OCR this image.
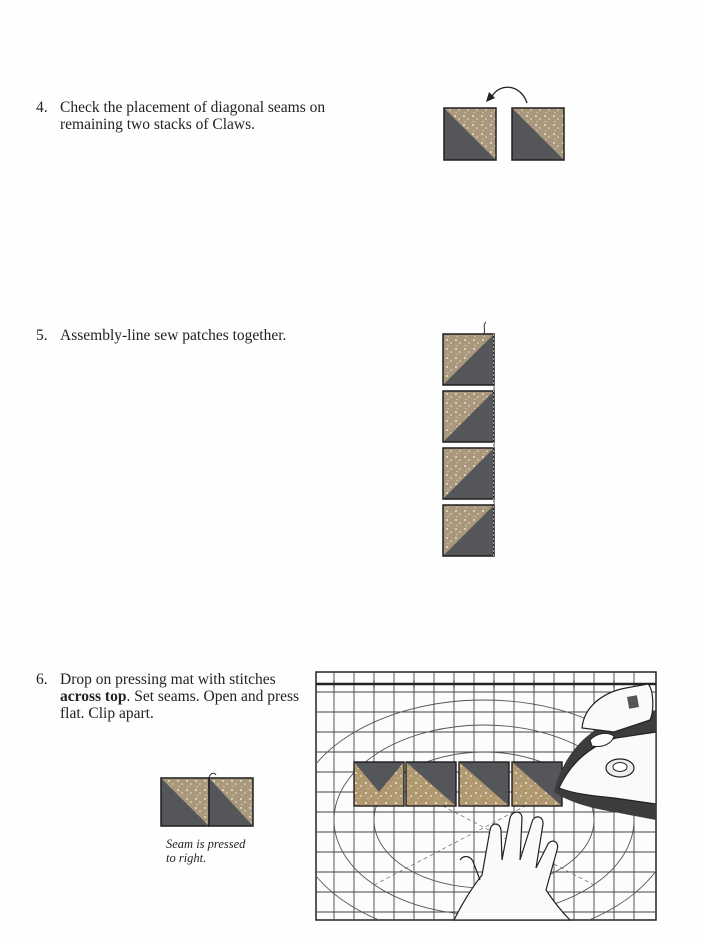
4. Check the placement of diagonal seams on
remaining two stacks of Claws.
5. Assembly-line sew patches together.
6. Drop on pressing mat with stitches
across top. Set seams. Open and press
flat. Clip apart.
Seam is pressed
to right.
